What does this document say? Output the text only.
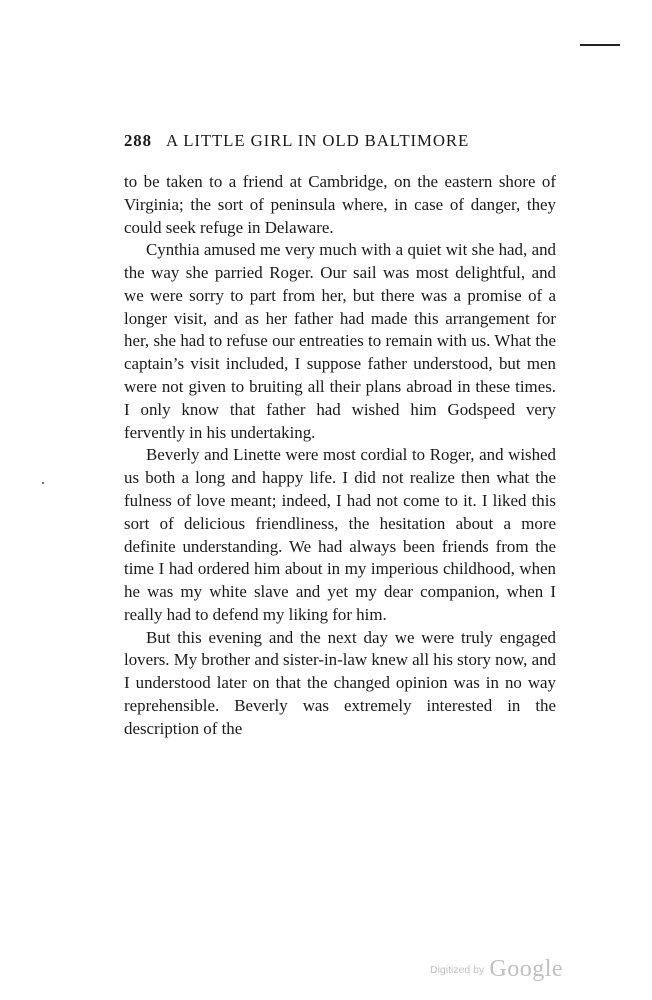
288 A LITTLE GIRL IN OLD BALTIMORE

to be taken to a friend at Cambridge, on the eastern shore of Virginia; the sort of peninsula where, in case of danger, they could seek refuge in Delaware.

Cynthia amused me very much with a quiet wit she had, and the way she parried Roger. Our sail was most delightful, and we were sorry to part from her, but there was a promise of a longer visit, and as her father had made this arrangement for her, she had to refuse our entreaties to remain with us. What the captain’s visit included, I suppose father understood, but men were not given to bruiting all their plans abroad in these times. I only know that father had wished him Godspeed very fervently in his undertaking.

Beverly and Linette were most cordial to Roger, and wished us both a long and happy life. I did not realize then what the fulness of love meant; indeed, I had not come to it. I liked this sort of delicious friendliness, the hesitation about a more definite understanding. We had always been friends from the time I had ordered him about in my imperious childhood, when he was my white slave and yet my dear companion, when I really had to defend my liking for him.

But this evening and the next day we were truly engaged lovers. My brother and sister-in-law knew all his story now, and I understood later on that the changed opinion was in no way reprehensible. Beverly was extremely interested in the description of the

Digitized by Google
